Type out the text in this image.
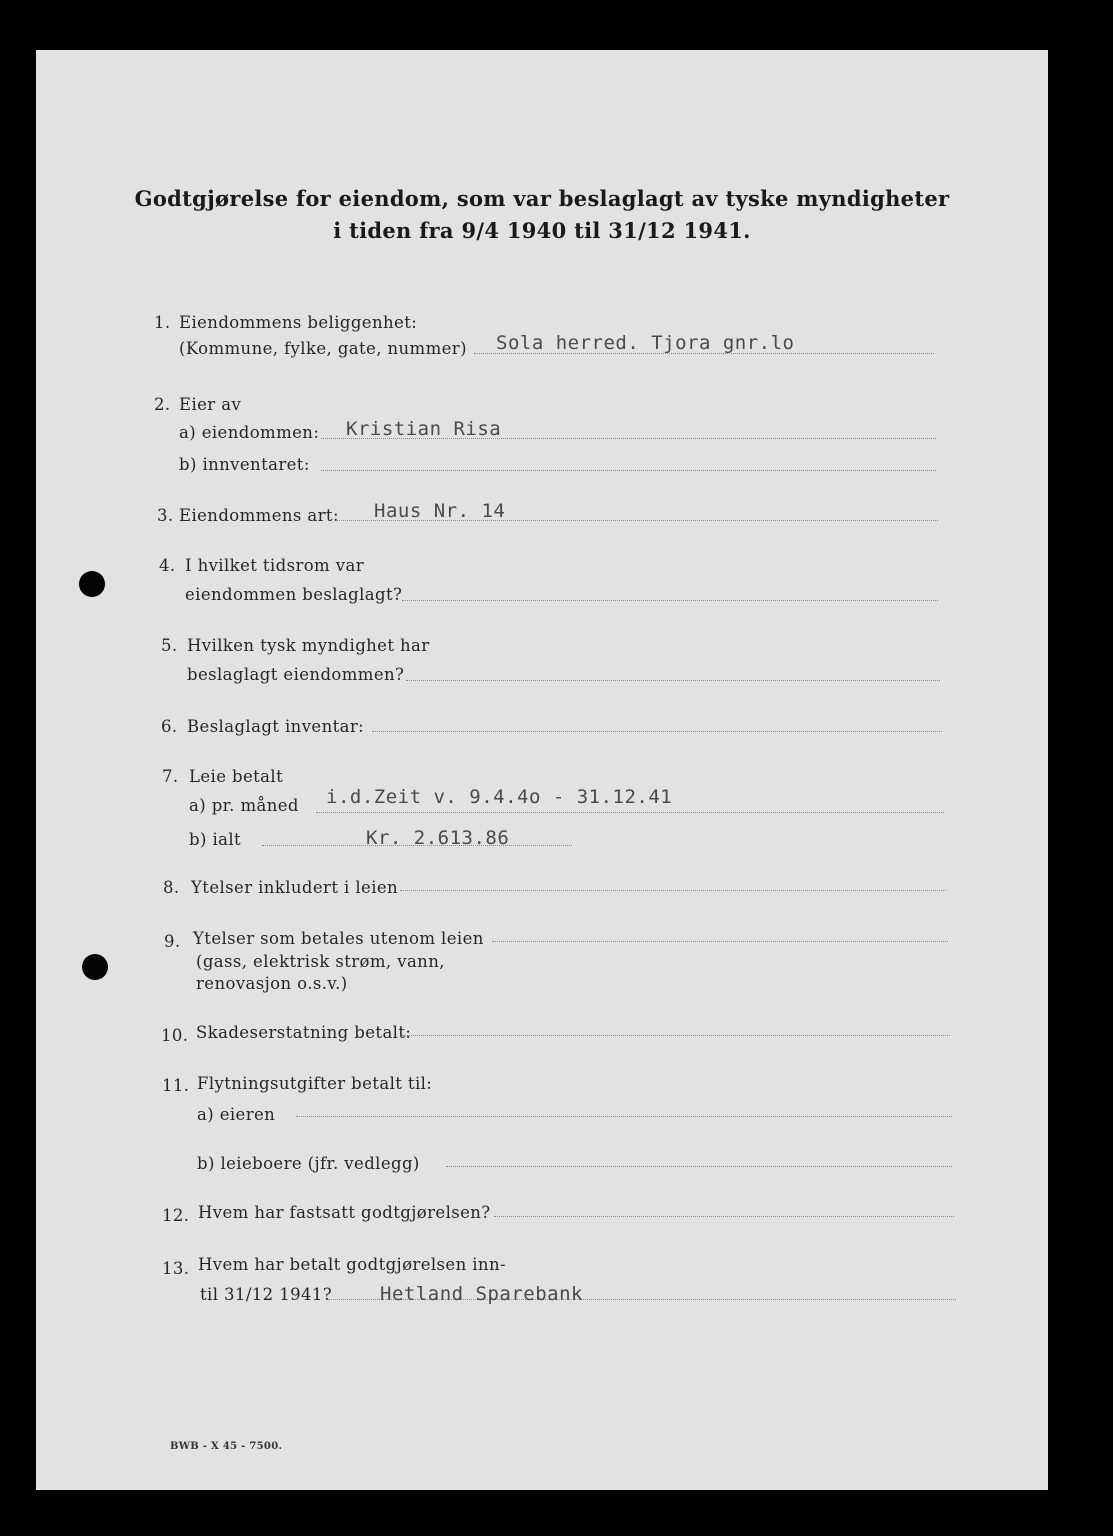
Godtgjørelse for eiendom, som var beslaglagt av tyske myndigheter
i tiden fra 9/4 1940 til 31/12 1941.
1. Eiendommens beliggenhet:
(Kommune, fylke, gate, nummer) Sola herred. Tjora gnr.lo
2. Eier av
a) eiendommen: Kristian Risa
b) innventaret:
3. Eiendommens art: Haus Nr. 14
4. I hvilket tidsrom var
eiendommen beslaglagt?
5. Hvilken tysk myndighet har
beslaglagt eiendommen?
6. Beslaglagt inventar:
7. Leie betalt
a) pr. måned i.d.Zeit v. 9.4.4o - 31.12.41
b) ialt	Kr. 2.613.86
8. Ytelser inkludert i leien
9. Ytelser som betales utenom leien
(gass, elektrisk strøm, vann,
renovasjon o.s.v.)
10. Skadeserstatning betalt:
11. Flytningsutgifter betalt til:
a) eieren
b) leieboere (jfr. vedlegg)
12. Hvem har fastsatt godtgjørelsen?
13. Hvem har betalt godtgjørelsen inn-
til 31/12 1941?	Hetland Sparebank
BWB - X 45 - 7500.
